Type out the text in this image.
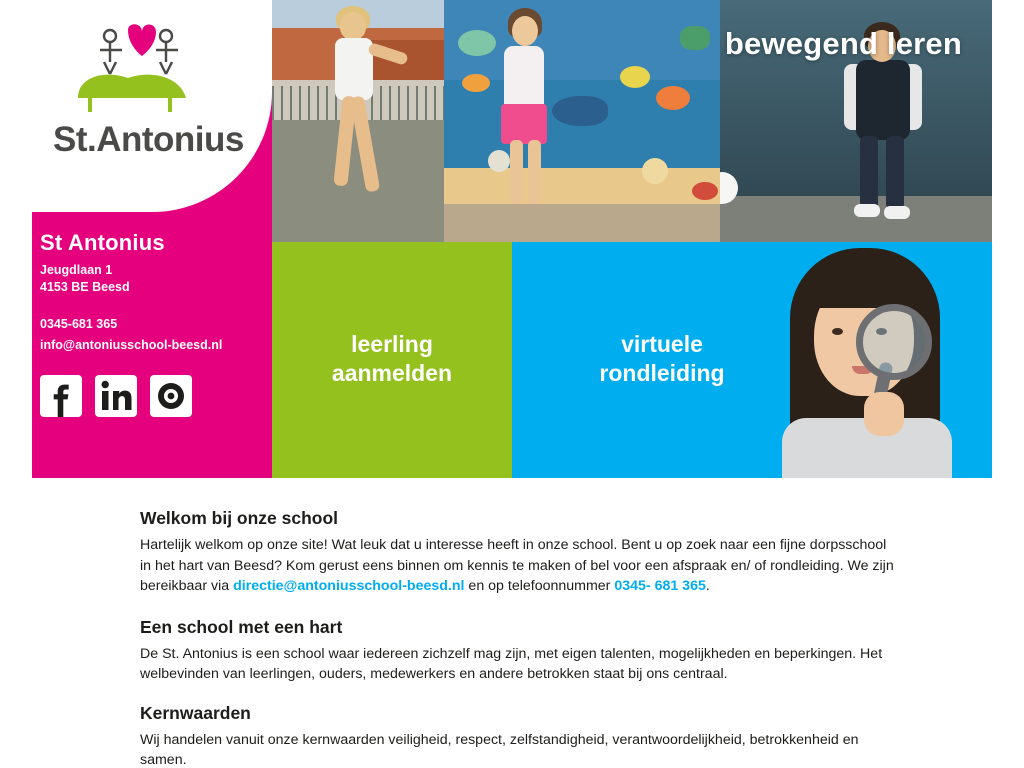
St.Antonius
St Antonius
Jeugdlaan 1
4153 BE Beesd
0345-681 365
info@antoniusschool-beesd.nl
bewegend leren
leerling
aanmelden
virtuele
rondleiding
Welkom bij onze school

Hartelijk welkom op onze site! Wat leuk dat u interesse heeft in onze school. Bent u op zoek naar een fijne dorpsschool in het hart van Beesd? Kom gerust eens binnen om kennis te maken of bel voor een afspraak en/ of rondleiding. We zijn bereikbaar via directie@antoniusschool-beesd.nl en op telefoonnummer 0345- 681 365.

Een school met een hart

De St. Antonius is een school waar iedereen zichzelf mag zijn, met eigen talenten, mogelijkheden en beperkingen. Het welbevinden van leerlingen, ouders, medewerkers en andere betrokken staat bij ons centraal.

Kernwaarden

Wij handelen vanuit onze kernwaarden veiligheid, respect, zelfstandigheid, verantwoordelijkheid, betrokkenheid en samen.
